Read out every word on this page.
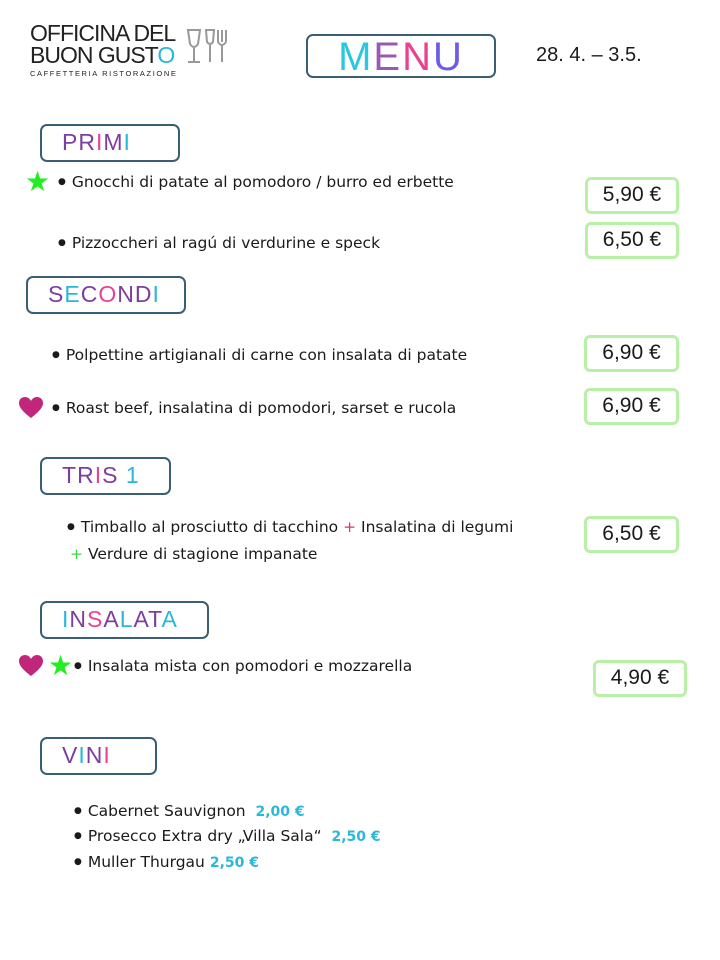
OFFICINA DEL
BUON GUSTO
CAFFETTERIA RISTORAZIONE	MENU	28. 4. – 3.5.
PRIMI
★ ● Gnocchi di patate al pomodoro / burro ed erbette
5,90 €
● Pizzoccheri al ragú di verdurine e speck	6,50 €
SECONDI
● Polpettine artigianali di carne con insalata di patate	6,90 €
● Roast beef, insalatina di pomodori, sarset e rucola	6,90 €
TRIS 1
● Timballo al prosciutto di tacchino + Insalatina di legumi
+ Verdure di stagione impanate
6,50 €
INSALATA
★ ● Insalata mista con pomodori e mozzarella	4,90 €
VINI
● Cabernet Sauvignon 2,00 €
● Prosecco Extra dry „Villa Sala“ 2,50 €
● Muller Thurgau 2,50 €
